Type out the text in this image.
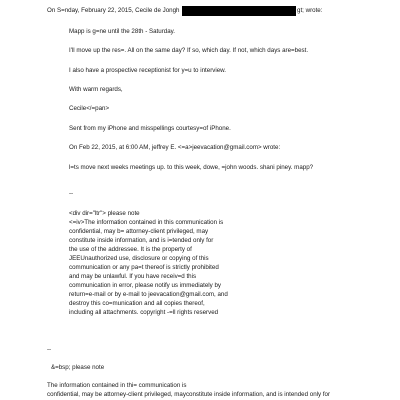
On S=nday, February 22, 2015, Cecile de Jongh	gt; wrote:
Mapp is g=ne until the 28th - Saturday.
I'll move up the res=. All on the same day? If so, which day. If not, which days are=best.
I also have a prospective receptionist for y=u to interview.
With warm regards,
Cecile</=pan>
Sent from my iPhone and misspellings courtesy=of iPhone.
On Feb 22, 2015, at 6:00 AM, jeffrey E. <=a>jeevacation@gmail.com> wrote:
l=ts move next weeks meetings up. to this week, dowe, =john woods. shani piney. mapp?
--
<div dir="ltr"> please note
<=iv>The information contained in this communication is
confidential, may b= attorney-client privileged, may
constitute inside information, and is i=tended only for
the use of the addressee. It is the property of
JEEUnauthorized use, disclosure or copying of this
communication or any pa=t thereof is strictly prohibited
and may be unlawful. If you have receiv=d this
communication in error, please notify us immediately by
return=e-mail or by e-mail to jeevacation@gmail.com, and
destroy this co=munication and all copies thereof,
including all attachments. copyright -=ll rights reserved
--
&=bsp; please note
The information contained in thi= communication is
confidential, may be attorney-client privileged, mayconstitute inside information, and is intended only for
